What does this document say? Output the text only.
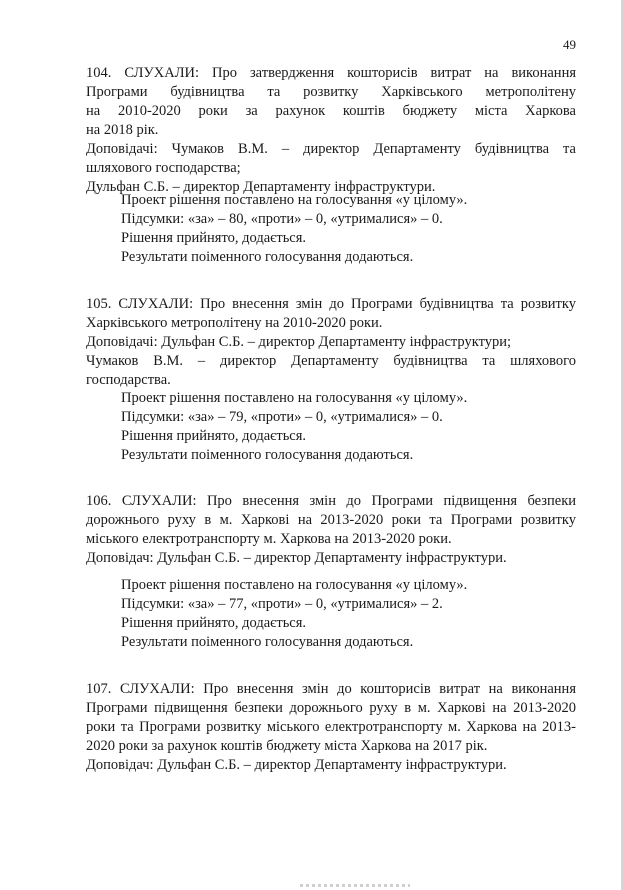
49

104. СЛУХАЛИ: Про затвердження кошторисів витрат на виконання

Програми будівництва та розвитку Харківського метрополітену

на 2010-2020 роки за рахунок коштів бюджету міста Харкова

на 2018 рік.

Доповідачі: Чумаков В.М. – директор Департаменту будівництва та

шляхового господарства;

Дульфан С.Б. – директор Департаменту інфраструктури.

Проект рішення поставлено на голосування «у цілому».

Підсумки: «за» – 80, «проти» – 0, «утрималися» – 0.

Рішення прийнято, додається.

Результати поіменного голосування додаються.

105. СЛУХАЛИ: Про внесення змін до Програми будівництва та розвитку

Харківського метрополітену на 2010-2020 роки.

Доповідачі: Дульфан С.Б. – директор Департаменту інфраструктури;

Чумаков В.М. – директор Департаменту будівництва та шляхового

господарства.

Проект рішення поставлено на голосування «у цілому».

Підсумки: «за» – 79, «проти» – 0, «утрималися» – 0.

Рішення прийнято, додається.

Результати поіменного голосування додаються.

106. СЛУХАЛИ: Про внесення змін до Програми підвищення безпеки

дорожнього руху в м. Харкові на 2013-2020 роки та Програми розвитку

міського електротранспорту м. Харкова на 2013-2020 роки.

Доповідач: Дульфан С.Б. – директор Департаменту інфраструктури.

Проект рішення поставлено на голосування «у цілому».

Підсумки: «за» – 77, «проти» – 0, «утрималися» – 2.

Рішення прийнято, додається.

Результати поіменного голосування додаються.

107. СЛУХАЛИ: Про внесення змін до кошторисів витрат на виконання

Програми підвищення безпеки дорожнього руху в м. Харкові на 2013-2020

роки та Програми розвитку міського електротранспорту м. Харкова на 2013-

2020 роки за рахунок коштів бюджету міста Харкова на 2017 рік.

Доповідач: Дульфан С.Б. – директор Департаменту інфраструктури.
